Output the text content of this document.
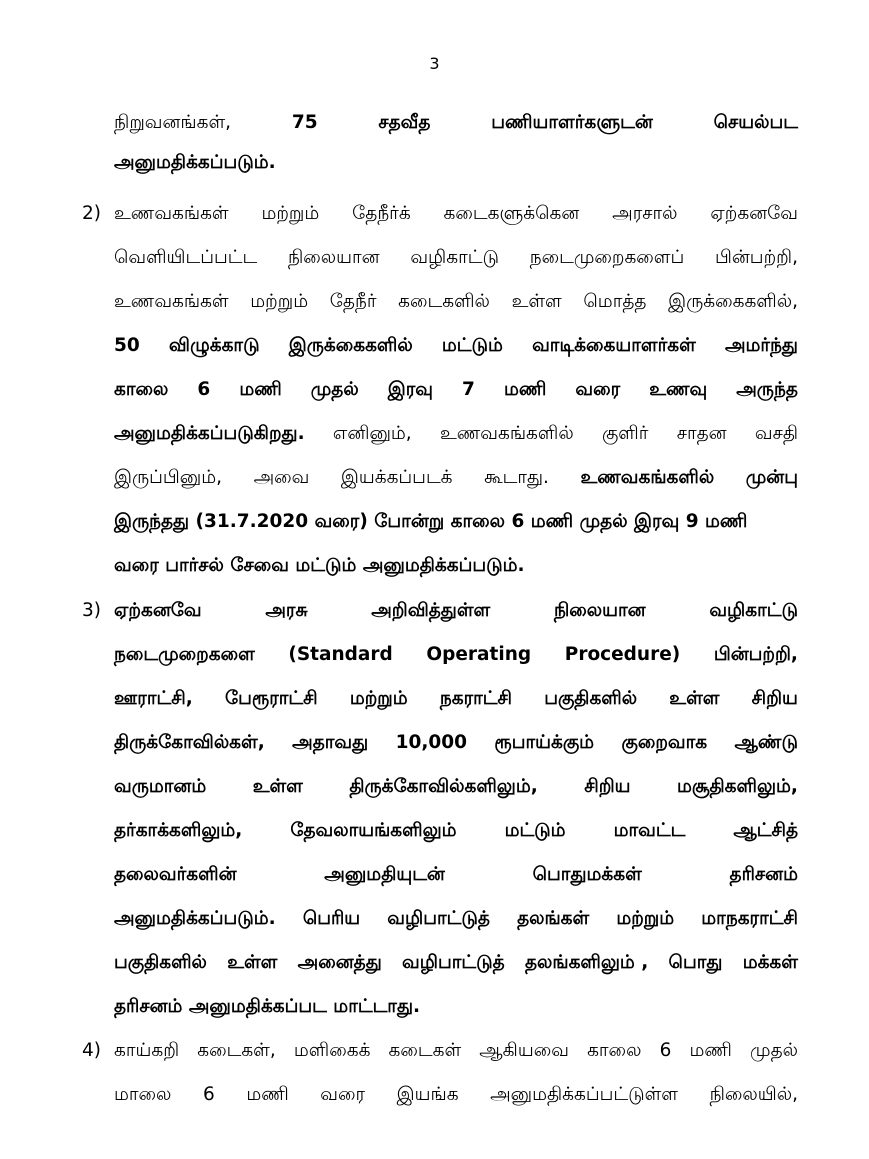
3
நிறுவனங்கள்,	75	சதவீத	பணியாளர்களுடன்	செயல்பட
அனுமதிக்கப்படும்.
2) உணவகங்கள் மற்றும் தேநீர்க் கடைகளுக்கென அரசால் ஏற்கனவே
வெளியிடப்பட்ட நிலையான வழிகாட்டு நடைமுறைகளைப் பின்பற்றி,
உணவகங்கள் மற்றும் தேநீர் கடைகளில் உள்ள மொத்த இருக்கைகளில்,
50 விழுக்காடு இருக்கைகளில் மட்டும் வாடிக்கையாளர்கள் அமர்ந்து
காலை 6 மணி முதல் இரவு 7 மணி வரை உணவு அருந்த
அனுமதிக்கப்படுகிறது. எனினும், உணவகங்களில் குளிர் சாதன வசதி
இருப்பினும், அவை இயக்கப்படக் கூடாது. உணவகங்களில் முன்பு
இருந்தது (31.7.2020 வரை) போன்று காலை 6 மணி முதல் இரவு 9 மணி
வரை பார்சல் சேவை மட்டும் அனுமதிக்கப்படும்.
3) ஏற்கனவே	அரசு	அறிவித்துள்ள	நிலையான	வழிகாட்டு
நடைமுறைகளை (Standard Operating Procedure) பின்பற்றி,
ஊராட்சி, பேரூராட்சி மற்றும் நகராட்சி பகுதிகளில் உள்ள சிறிய
திருக்கோவில்கள், அதாவது 10,000 ரூபாய்க்கும் குறைவாக ஆண்டு
வருமானம்	உள்ள	திருக்கோவில்களிலும்,	சிறிய	மசூதிகளிலும்,
தர்காக்களிலும்,	தேவலாயங்களிலும்	மட்டும்	மாவட்ட	ஆட்சித்
தலைவர்களின்	அனுமதியுடன்	பொதுமக்கள்	தரிசனம்
அனுமதிக்கப்படும். பெரிய வழிபாட்டுத் தலங்கள் மற்றும் மாநகராட்சி
பகுதிகளில் உள்ள அனைத்து வழிபாட்டுத் தலங்களிலும் , பொது மக்கள்
தரிசனம் அனுமதிக்கப்பட மாட்டாது.
4) காய்கறி கடைகள், மளிகைக் கடைகள் ஆகியவை காலை 6 மணி முதல்
மாலை 6 மணி வரை இயங்க அனுமதிக்கப்பட்டுள்ள நிலையில்,
